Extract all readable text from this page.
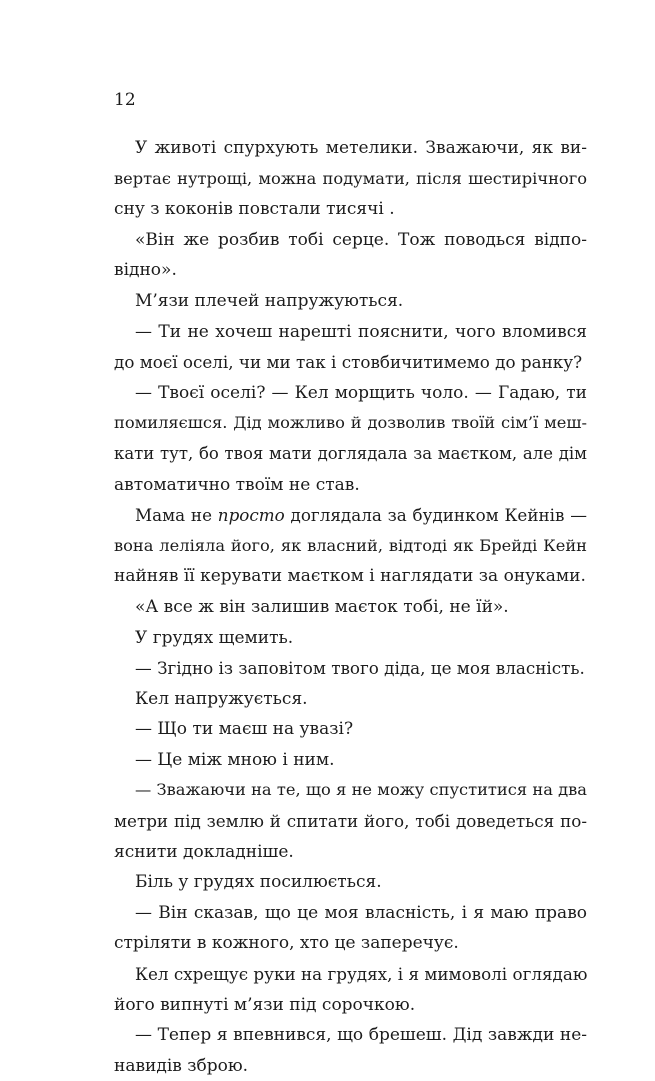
12
У животі спурхують метелики. Зважаючи, як ви-
вертає нутрощі, можна подумати, після шестирічного
сну з коконів повстали тисячі .
«Він же розбив тобі серце. Тож поводься відпо-
відно».
М’язи плечей напружуються.
— Ти не хочеш нарешті пояснити, чого вломився
до моєї оселі, чи ми так і стовбичитимемо до ранку?
— Твоєї оселі? — Кел морщить чоло. — Гадаю, ти
помиляєшся. Дід можливо й дозволив твоїй сім’ї меш-
кати тут, бо твоя мати доглядала за маєтком, але дім
автоматично твоїм не став.
Мама не просто доглядала за будинком Кейнів —
вона леліяла його, як власний, відтоді як Брейді Кейн
найняв її керувати маєтком і наглядати за онуками.
«А все ж він залишив маєток тобі, не їй».
У грудях щемить.
— Згідно із заповітом твого діда, це моя власність.
Кел напружується.
— Що ти маєш на увазі?
— Це між мною і ним.
— Зважаючи на те, що я не можу спуститися на два
метри під землю й спитати його, тобі доведеться по-
яснити докладніше.
Біль у грудях посилюється.
— Він сказав, що це моя власність, і я маю право
стріляти в кожного, хто це заперечує.
Кел схрещує руки на грудях, і я мимоволі оглядаю
його випнуті м’язи під сорочкою.
— Тепер я впевнився, що брешеш. Дід завжди не-
навидів зброю.
